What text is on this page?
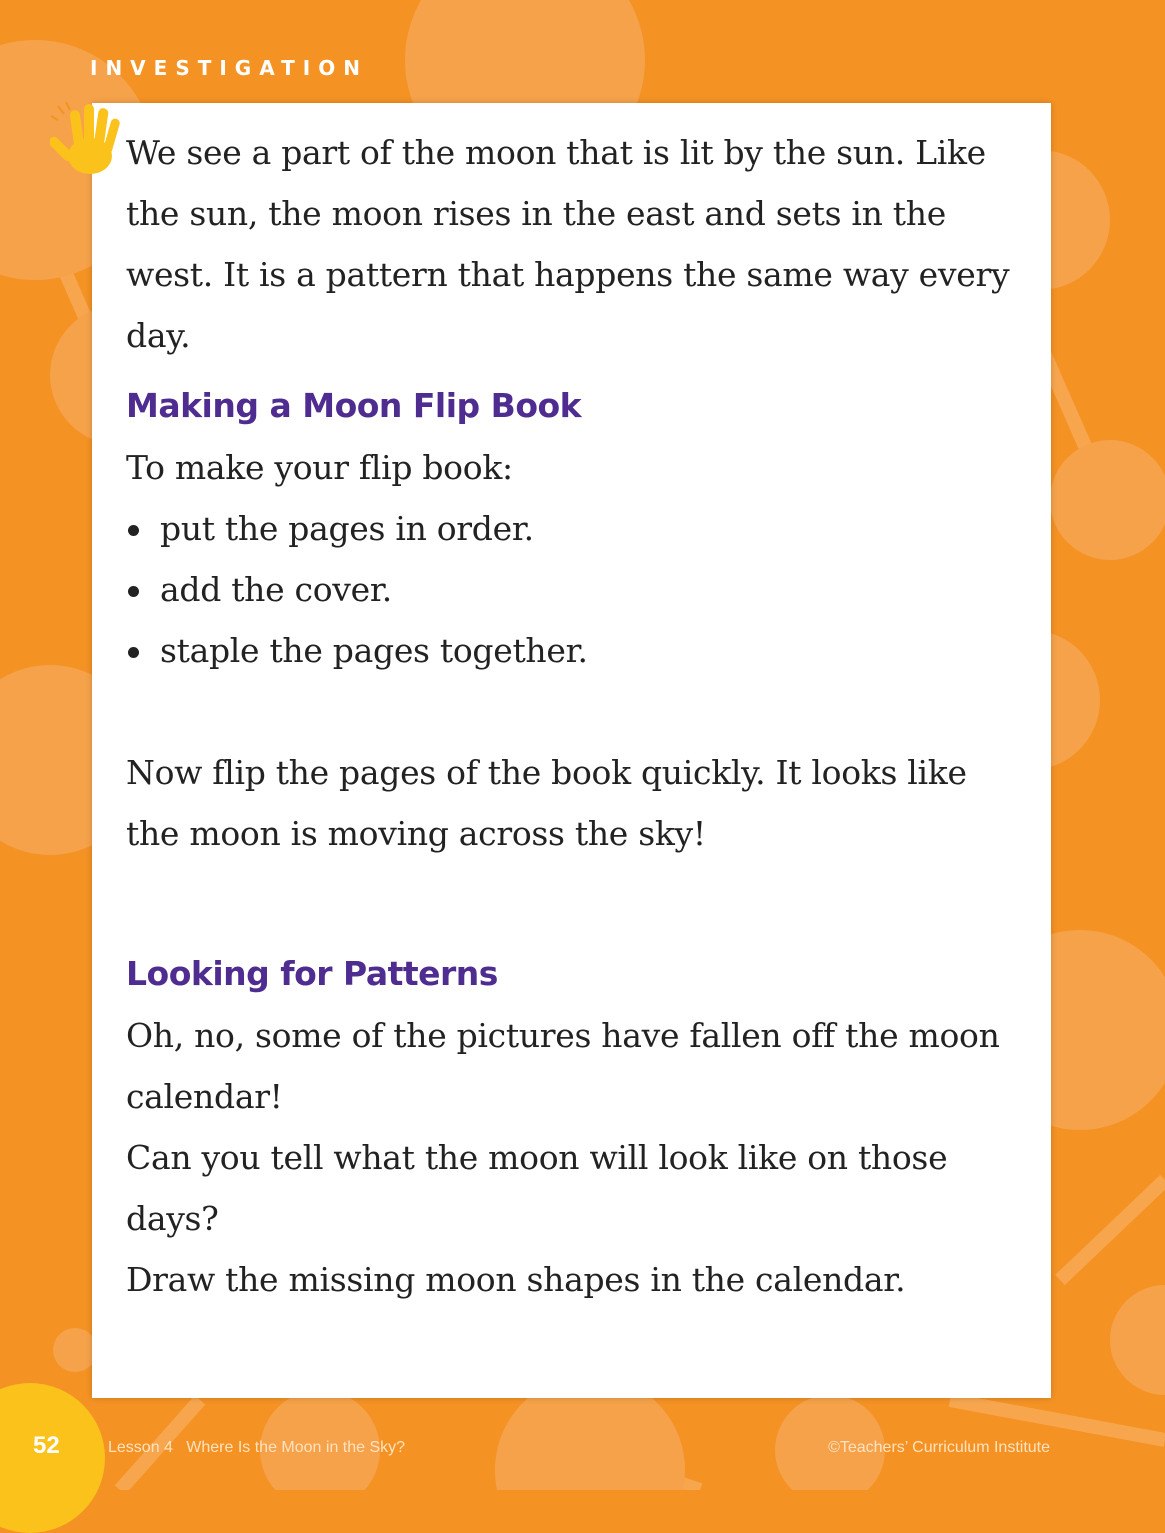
INVESTIGATION

We see a part of the moon that is lit by the sun. Like the sun, the moon rises in the east and sets in the west. It is a pattern that happens the same way every day.

Making a Moon Flip Book

To make your flip book:

put the pages in order.
add the cover.
staple the pages together.

Now flip the pages of the book quickly. It looks like the moon is moving across the sky!

Looking for Patterns

Oh, no, some of the pictures have fallen off the moon calendar!

Can you tell what the moon will look like on those days?

Draw the missing moon shapes in the calendar.

52	Lesson 4   Where Is the Moon in the Sky?	©Teachers’ Curriculum Institute
